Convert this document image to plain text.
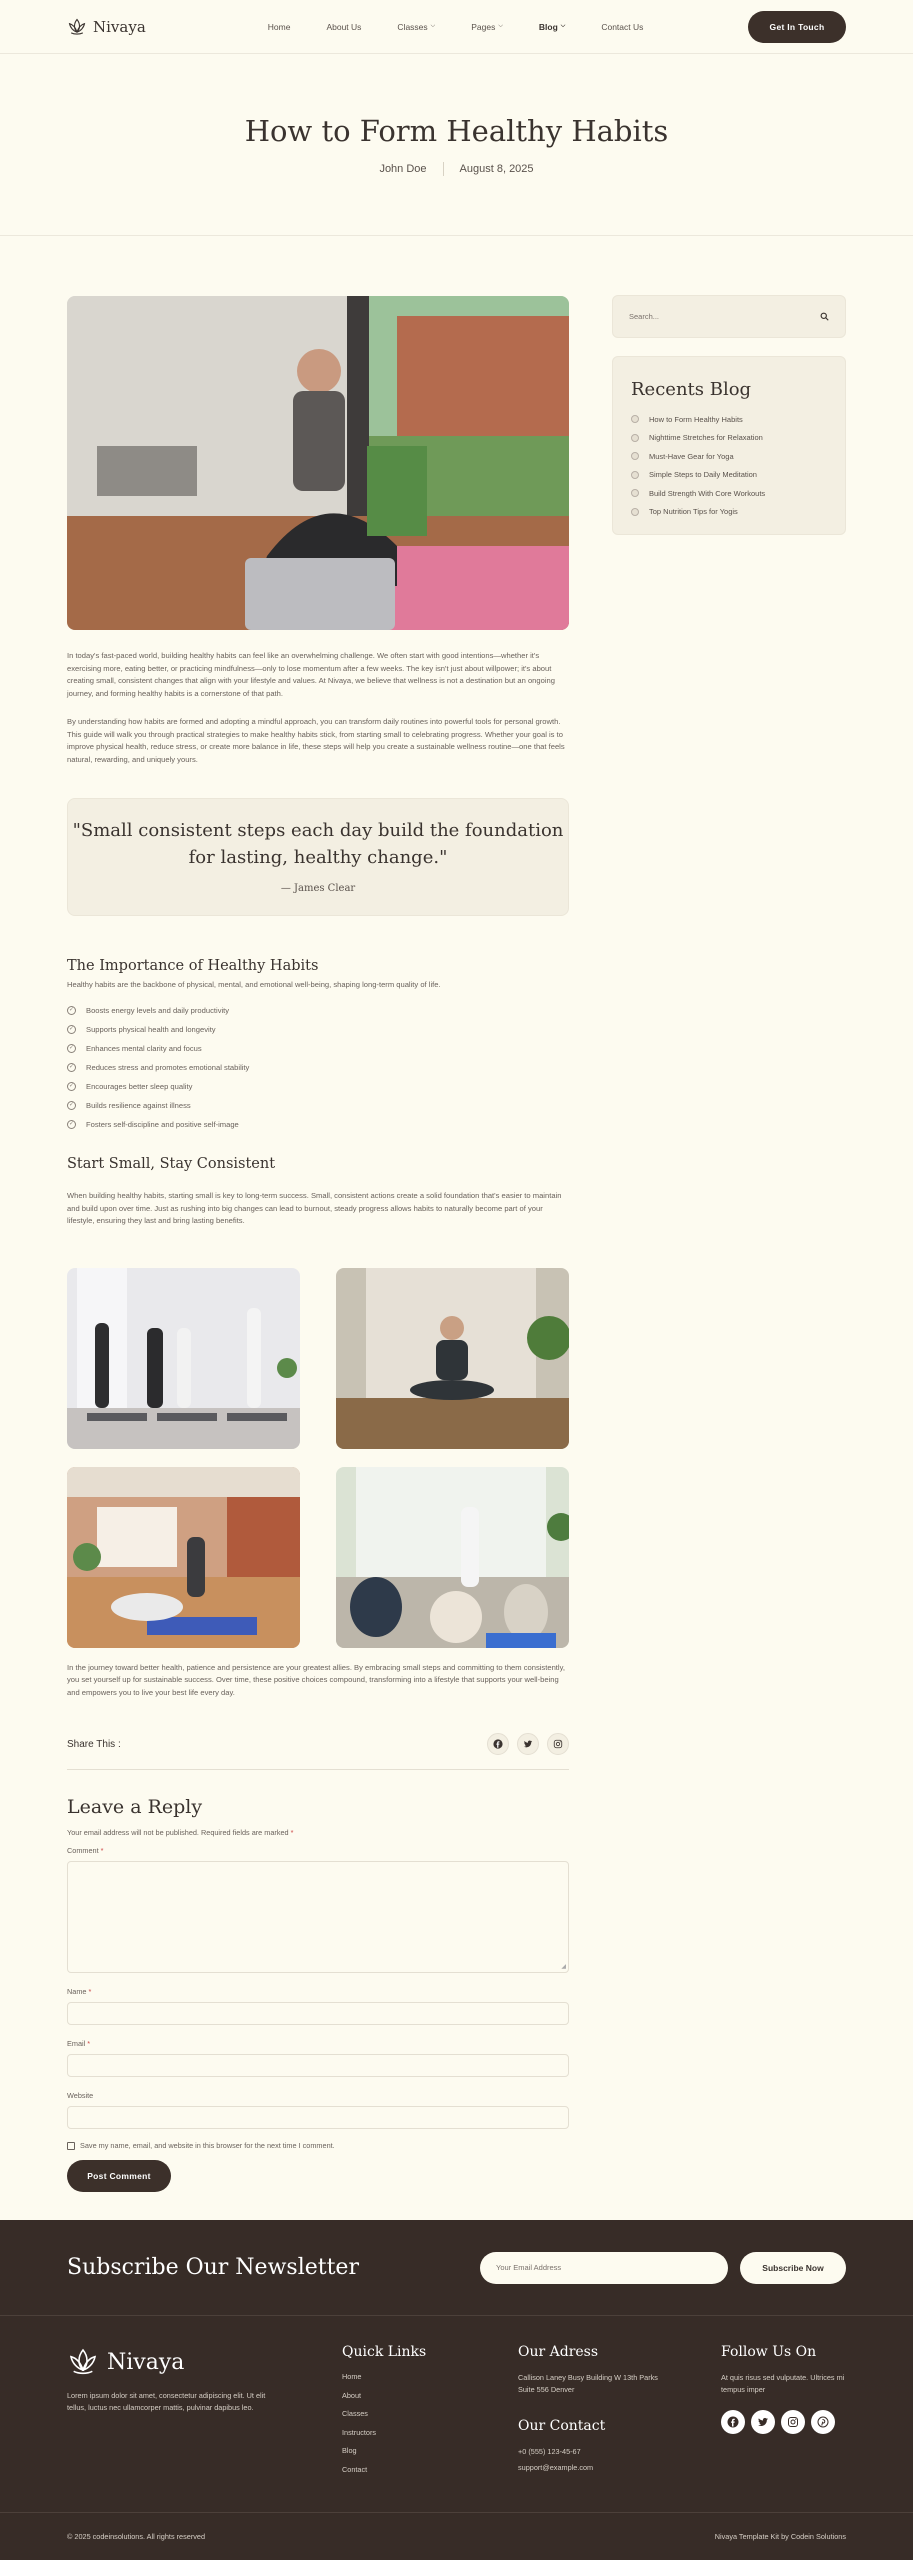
Nivaya	Home	About Us	Classes ⌵	Pages ⌵	Blog ⌵	Contact Us	Get In Touch
How to Form Healthy Habits
John Doe	August 8, 2025

In today's fast-paced world, building healthy habits can feel like an overwhelming challenge. We often start with good intentions—whether it's exercising more, eating better, or practicing mindfulness—only to lose momentum after a few weeks. The key isn't just about willpower; it's about creating small, consistent changes that align with your lifestyle and values. At Nivaya, we believe that wellness is not a destination but an ongoing journey, and forming healthy habits is a cornerstone of that path.

By understanding how habits are formed and adopting a mindful approach, you can transform daily routines into powerful tools for personal growth. This guide will walk you through practical strategies to make healthy habits stick, from starting small to celebrating progress. Whether your goal is to improve physical health, reduce stress, or create more balance in life, these steps will help you create a sustainable wellness routine—one that feels natural, rewarding, and uniquely yours.

"Small consistent steps each day build the foundation for lasting, healthy change."
— James Clear
The Importance of Healthy Habits

Healthy habits are the backbone of physical, mental, and emotional well-being, shaping long-term quality of life.

✓ Boosts energy levels and daily productivity
✓ Supports physical health and longevity
✓ Enhances mental clarity and focus
✓ Reduces stress and promotes emotional stability
✓ Encourages better sleep quality
✓ Builds resilience against illness
✓ Fosters self-discipline and positive self-image
Start Small, Stay Consistent

When building healthy habits, starting small is key to long-term success. Small, consistent actions create a solid foundation that's easier to maintain and build upon over time. Just as rushing into big changes can lead to burnout, steady progress allows habits to naturally become part of your lifestyle, ensuring they last and bring lasting benefits.

In the journey toward better health, patience and persistence are your greatest allies. By embracing small steps and committing to them consistently, you set yourself up for sustainable success. Over time, these positive choices compound, transforming into a lifestyle that supports your well-being and empowers you to live your best life every day.

Share This :
Leave a Reply

Your email address will not be published. Required fields are marked *

Comment *

◢

Name *

Email *

Website

Save my name, email, and website in this browser for the next time I comment.
Post Comment
Search...
Recents Blog
How to Form Healthy Habits
Nighttime Stretches for Relaxation
Must-Have Gear for Yoga
Simple Steps to Daily Meditation
Build Strength With Core Workouts
Top Nutrition Tips for Yogis
Subscribe Our Newsletter	Your Email Address	Subscribe Now
Nivaya

Lorem ipsum dolor sit amet, consectetur adipiscing elit. Ut elit tellus, luctus nec ullamcorper mattis, pulvinar dapibus leo.

Quick Links
Home
About
Classes
Instructors
Blog
Contact
Our Adress

Callison Laney Busy Building W 13th Parks Suite 556 Denver

Our Contact

+0 (555) 123-45-67

support@example.com

Follow Us On

At quis risus sed vulputate. Ultrices mi tempus imper

© 2025 codeinsolutions. All rights reserved	Nivaya Template Kit by Codein Solutions
